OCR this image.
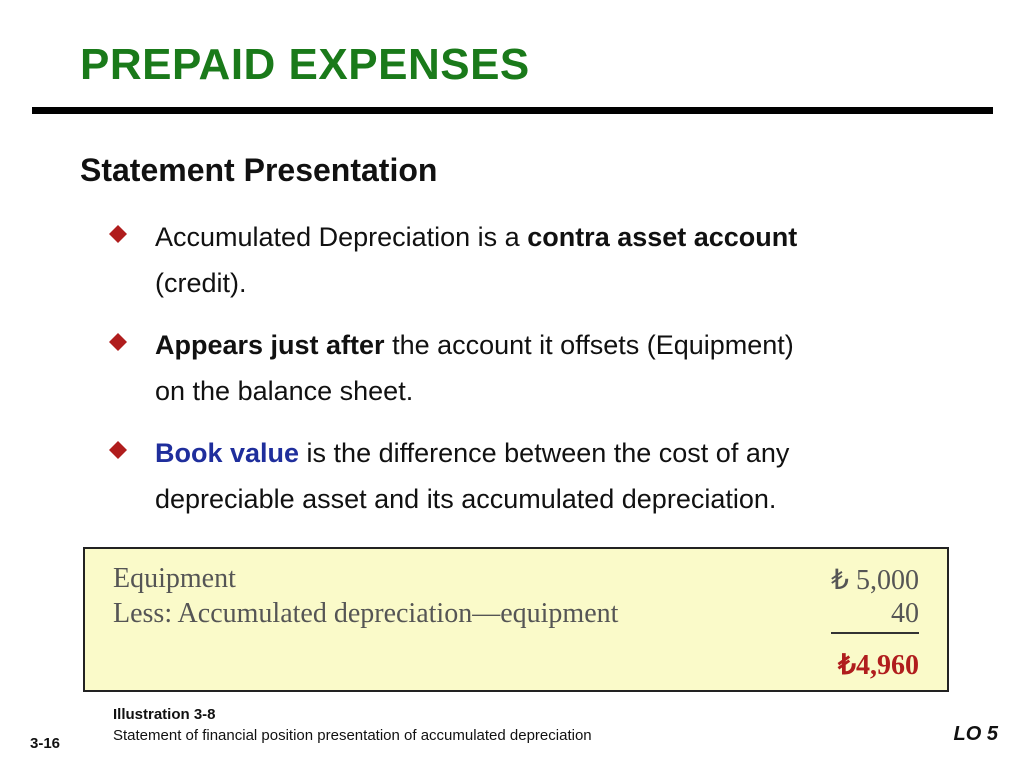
PREPAID EXPENSES
Statement Presentation
Accumulated Depreciation is a contra asset account
(credit).
Appears just after the account it offsets (Equipment)
on the balance sheet.
Book value is the difference between the cost of any
depreciable asset and its accumulated depreciation.
Equipment	₺ 5,000
Less: Accumulated depreciation—equipment	40
₺4,960
Illustration 3-8
Statement of financial position presentation of accumulated depreciation
3-16	LO 5
